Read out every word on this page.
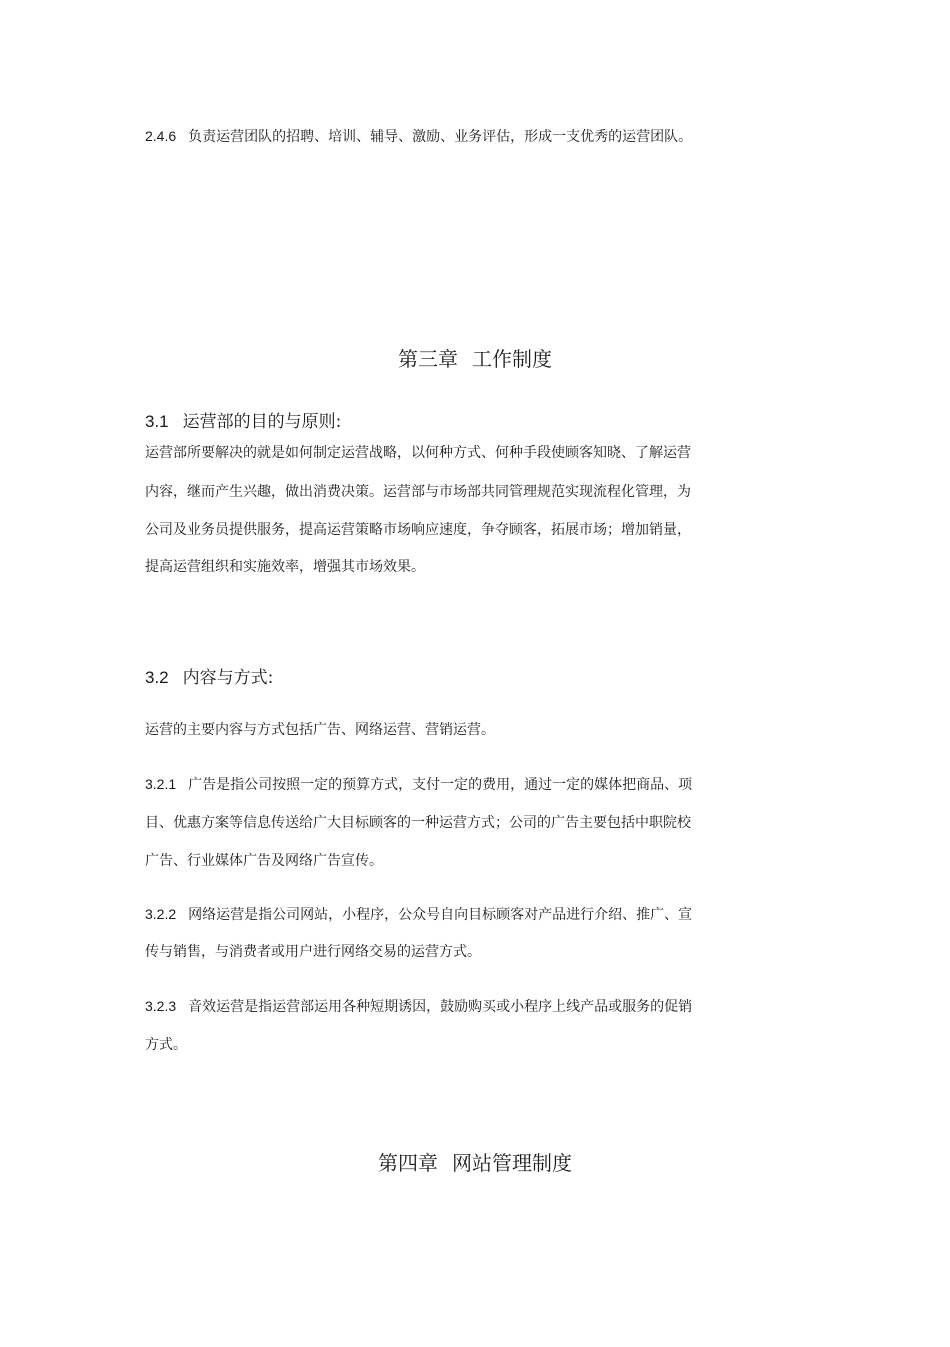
2.4.6 负责运营团队的招聘、培训、辅导、激励、业务评估，形成一支优秀的运营团队。
第三章 工作制度
3.1 运营部的目的与原则:
运营部所要解决的就是如何制定运营战略，以何种方式、何种手段使顾客知晓、了解运营
内容，继而产生兴趣，做出消费决策。运营部与市场部共同管理规范实现流程化管理，为
公司及业务员提供服务，提高运营策略市场响应速度，争夺顾客，拓展市场；增加销量，
提高运营组织和实施效率，增强其市场效果。
3.2 内容与方式:
运营的主要内容与方式包括广告、网络运营、营销运营。
3.2.1 广告是指公司按照一定的预算方式，支付一定的费用，通过一定的媒体把商品、项
目、优惠方案等信息传送给广大目标顾客的一种运营方式；公司的广告主要包括中职院校
广告、行业媒体广告及网络广告宣传。
3.2.2 网络运营是指公司网站，小程序，公众号自向目标顾客对产品进行介绍、推广、宣
传与销售，与消费者或用户进行网络交易的运营方式。
3.2.3 音效运营是指运营部运用各种短期诱因，鼓励购买或小程序上线产品或服务的促销
方式。
第四章 网站管理制度
